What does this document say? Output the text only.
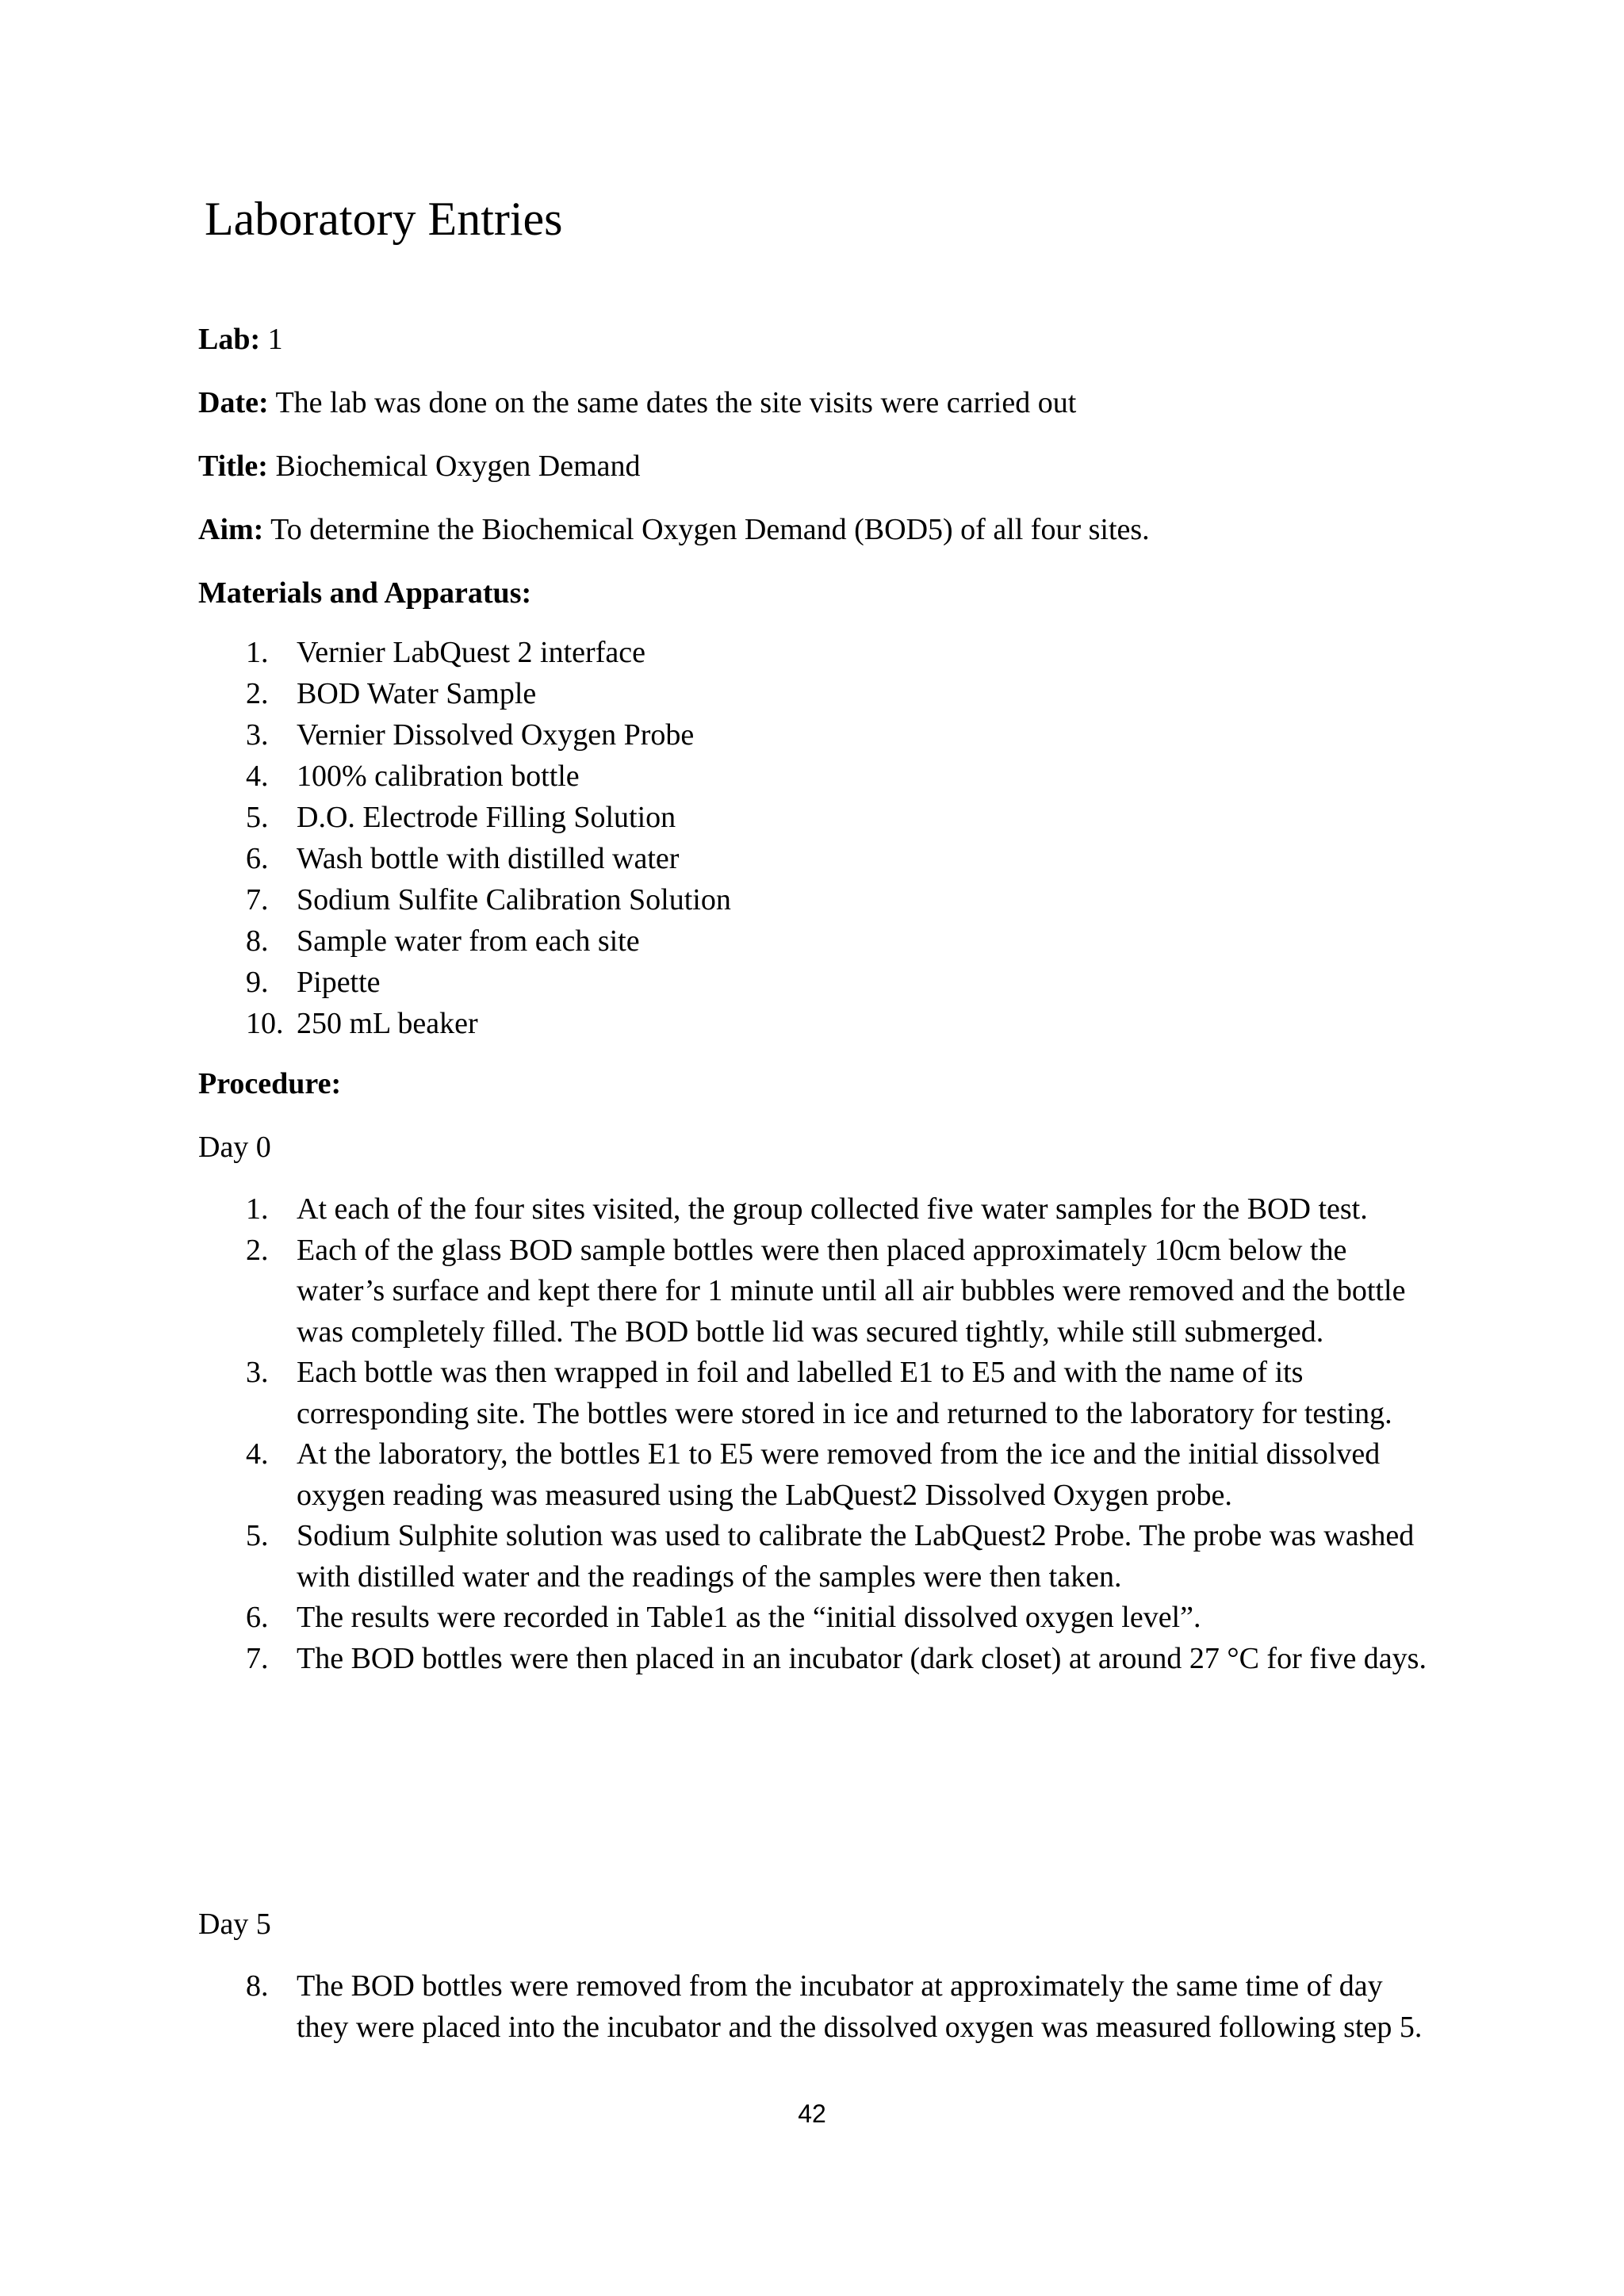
Laboratory Entries

Lab: 1

Date: The lab was done on the same dates the site visits were carried out

Title: Biochemical Oxygen Demand

Aim: To determine the Biochemical Oxygen Demand (BOD5) of all four sites.

Materials and Apparatus:

1. Vernier LabQuest 2 interface
2. BOD Water Sample
3. Vernier Dissolved Oxygen Probe
4. 100% calibration bottle
5. D.O. Electrode Filling Solution
6. Wash bottle with distilled water
7. Sodium Sulfite Calibration Solution
8. Sample water from each site
9. Pipette
10. 250 mL beaker

Procedure:

Day 0

1. At each of the four sites visited, the group collected five water samples for the BOD test.
2. Each of the glass BOD sample bottles were then placed approximately 10cm below the water’s surface and kept there for 1 minute until all air bubbles were removed and the bottle was completely filled. The BOD bottle lid was secured tightly, while still submerged.
3. Each bottle was then wrapped in foil and labelled E1 to E5 and with the name of its corresponding site. The bottles were stored in ice and returned to the laboratory for testing.
4. At the laboratory, the bottles E1 to E5 were removed from the ice and the initial dissolved oxygen reading was measured using the LabQuest2 Dissolved Oxygen probe.
5. Sodium Sulphite solution was used to calibrate the LabQuest2 Probe. The probe was washed with distilled water and the readings of the samples were then taken.
6. The results were recorded in Table1 as the “initial dissolved oxygen level”.
7. The BOD bottles were then placed in an incubator (dark closet) at around 27 °C for five days.

Day 5

8. The BOD bottles were removed from the incubator at approximately the same time of day they were placed into the incubator and the dissolved oxygen was measured following step 5.

42
